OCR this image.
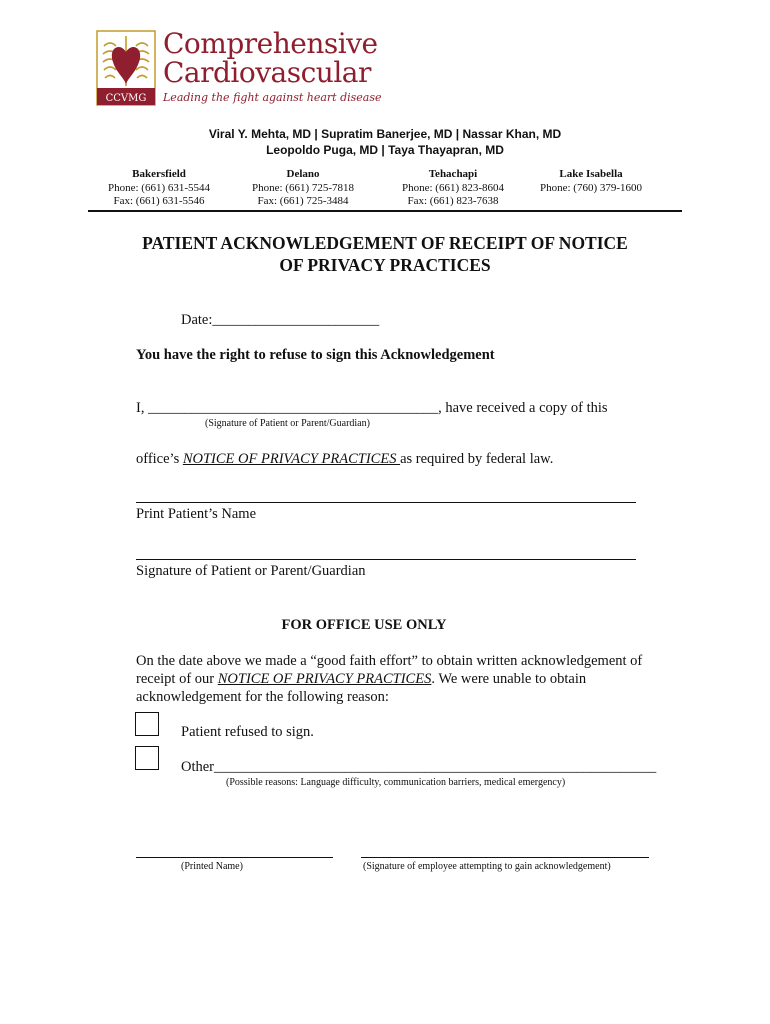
CCVMG
Comprehensive
Cardiovascular
Leading the fight against heart disease
Viral Y. Mehta, MD | Supratim Banerjee, MD | Nassar Khan, MD
Leopoldo Puga, MD | Taya Thayapran, MD
Bakersfield
Phone: (661) 631-5544
Fax: (661) 631-5546
Delano
Phone: (661) 725-7818
Fax: (661) 725-3484
Tehachapi
Phone: (661) 823-8604
Fax: (661) 823-7638
Lake Isabella
Phone: (760) 379-1600
PATIENT ACKNOWLEDGEMENT OF RECEIPT OF NOTICE
OF PRIVACY PRACTICES
Date:_______________________
You have the right to refuse to sign this Acknowledgement
I, ________________________________________, have received a copy of this
(Signature of Patient or Parent/Guardian)
office’s NOTICE OF PRIVACY PRACTICES as required by federal law.
Print Patient’s Name
Signature of Patient or Parent/Guardian
FOR OFFICE USE ONLY
On the date above we made a “good faith effort” to obtain written acknowledgement of
receipt of our NOTICE OF PRIVACY PRACTICES. We were unable to obtain
acknowledgement for the following reason:
Patient refused to sign.
Other_____________________________________________________________
(Possible reasons: Language difficulty, communication barriers, medical emergency)
(Printed Name)	(Signature of employee attempting to gain acknowledgement)
